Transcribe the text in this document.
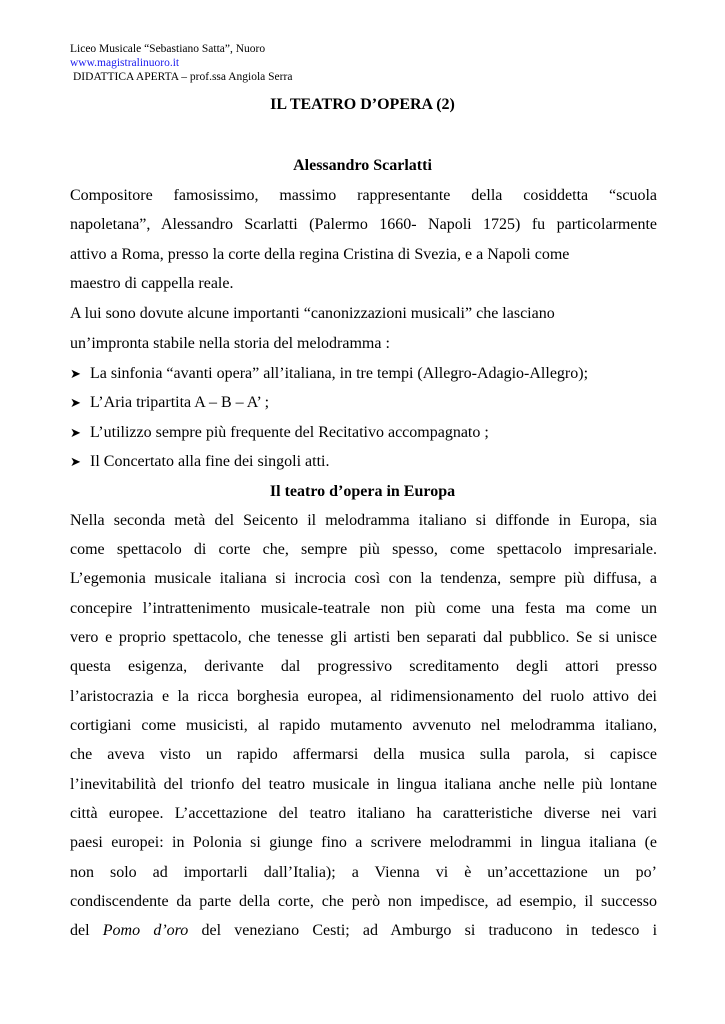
Liceo Musicale “Sebastiano Satta”, Nuoro
www.magistralinuoro.it
DIDATTICA APERTA – prof.ssa Angiola Serra
IL TEATRO D’OPERA (2)
Alessandro Scarlatti
Compositore famosissimo, massimo rappresentante della cosiddetta “scuola
napoletana”, Alessandro Scarlatti (Palermo 1660- Napoli 1725) fu particolarmente
attivo a Roma, presso la corte della regina Cristina di Svezia, e a Napoli come
maestro di cappella reale.
A lui sono dovute alcune importanti “canonizzazioni musicali” che lasciano
un’impronta stabile nella storia del melodramma :
➤ La sinfonia “avanti opera” all’italiana, in tre tempi (Allegro-Adagio-Allegro);
➤ L’Aria tripartita A – B – A’ ;
➤ L’utilizzo sempre più frequente del Recitativo accompagnato ;
➤ Il Concertato alla fine dei singoli atti.
Il teatro d’opera in Europa
Nella seconda metà del Seicento il melodramma italiano si diffonde in Europa, sia
come spettacolo di corte che, sempre più spesso, come spettacolo impresariale.
L’egemonia musicale italiana si incrocia così con la tendenza, sempre più diffusa, a
concepire l’intrattenimento musicale-teatrale non più come una festa ma come un
vero e proprio spettacolo, che tenesse gli artisti ben separati dal pubblico. Se si unisce
questa esigenza, derivante dal progressivo screditamento degli attori presso
l’aristocrazia e la ricca borghesia europea, al ridimensionamento del ruolo attivo dei
cortigiani come musicisti, al rapido mutamento avvenuto nel melodramma italiano,
che aveva visto un rapido affermarsi della musica sulla parola, si capisce
l’inevitabilità del trionfo del teatro musicale in lingua italiana anche nelle più lontane
città europee. L’accettazione del teatro italiano ha caratteristiche diverse nei vari
paesi europei: in Polonia si giunge fino a scrivere melodrammi in lingua italiana (e
non solo ad importarli dall’Italia); a Vienna vi è un’accettazione un po’
condiscendente da parte della corte, che però non impedisce, ad esempio, il successo
del Pomo d’oro del veneziano Cesti; ad Amburgo si traducono in tedesco i
